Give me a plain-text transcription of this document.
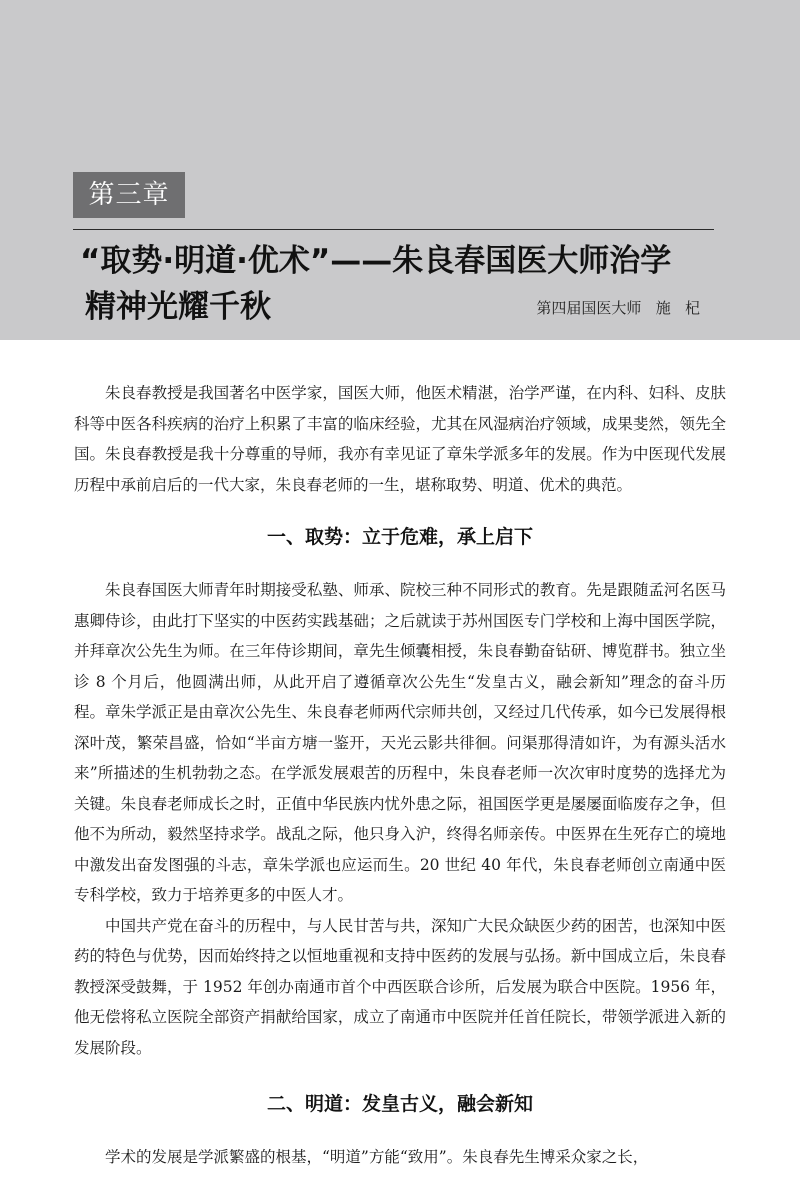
第三章
“取势·明道·优术”——朱良春国医大师治学
精神光耀千秋	第四届国医大师   施   杞

朱良春教授是我国著名中医学家，国医大师，他医术精湛，治学严谨，在内科、妇科、皮肤科等中医各科疾病的治疗上积累了丰富的临床经验，尤其在风湿病治疗领域，成果斐然，领先全国。朱良春教授是我十分尊重的导师，我亦有幸见证了章朱学派多年的发展。作为中医现代发展历程中承前启后的一代大家，朱良春老师的一生，堪称取势、明道、优术的典范。

一、取势：立于危难，承上启下

朱良春国医大师青年时期接受私塾、师承、院校三种不同形式的教育。先是跟随孟河名医马惠卿侍诊，由此打下坚实的中医药实践基础；之后就读于苏州国医专门学校和上海中国医学院，并拜章次公先生为师。在三年侍诊期间，章先生倾囊相授，朱良春勤奋钻研、博览群书。独立坐诊 8 个月后，他圆满出师，从此开启了遵循章次公先生“发皇古义，融会新知”理念的奋斗历程。章朱学派正是由章次公先生、朱良春老师两代宗师共创，又经过几代传承，如今已发展得根深叶茂，繁荣昌盛，恰如“半亩方塘一鉴开，天光云影共徘徊。问渠那得清如许，为有源头活水来”所描述的生机勃勃之态。在学派发展艰苦的历程中，朱良春老师一次次审时度势的选择尤为关键。朱良春老师成长之时，正值中华民族内忧外患之际，祖国医学更是屡屡面临废存之争，但他不为所动，毅然坚持求学。战乱之际，他只身入沪，终得名师亲传。中医界在生死存亡的境地中激发出奋发图强的斗志，章朱学派也应运而生。20 世纪 40 年代，朱良春老师创立南通中医专科学校，致力于培养更多的中医人才。

中国共产党在奋斗的历程中，与人民甘苦与共，深知广大民众缺医少药的困苦，也深知中医药的特色与优势，因而始终持之以恒地重视和支持中医药的发展与弘扬。新中国成立后，朱良春教授深受鼓舞，于 1952 年创办南通市首个中西医联合诊所，后发展为联合中医院。1956 年，他无偿将私立医院全部资产捐献给国家，成立了南通市中医院并任首任院长，带领学派进入新的发展阶段。

二、明道：发皇古义，融会新知

学术的发展是学派繁盛的根基，“明道”方能“致用”。朱良春先生博采众家之长，
